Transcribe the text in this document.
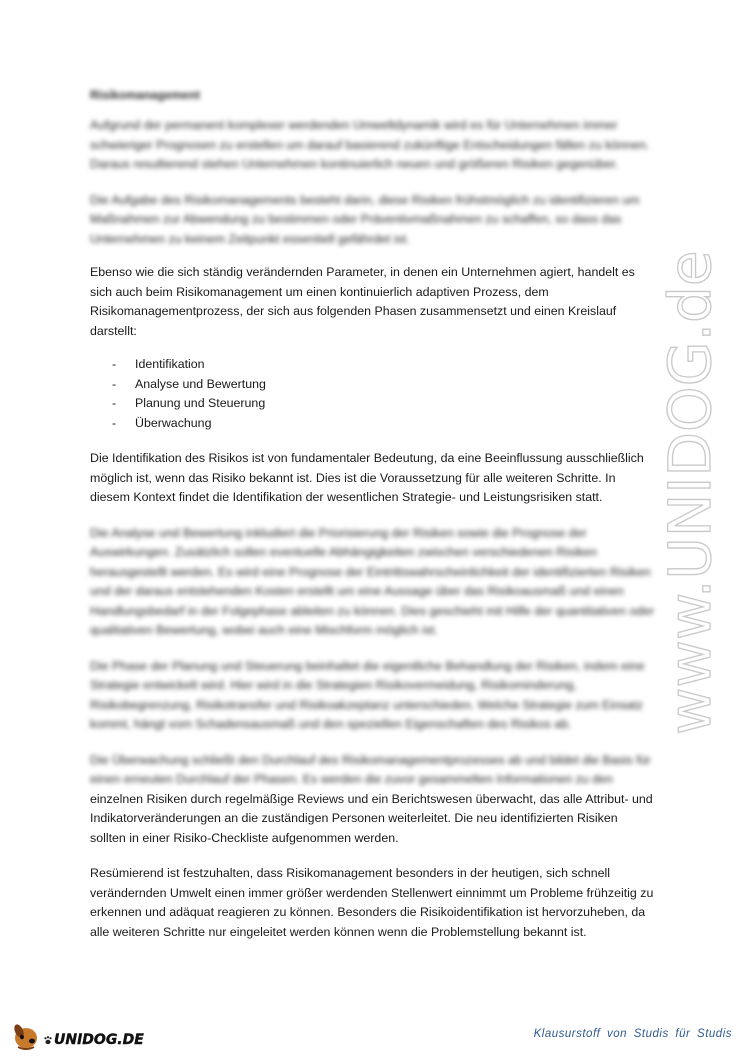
Risikomanagement

Aufgrund der permanent komplexer werdenden Umweltdynamik wird es für Unternehmen immer schwieriger Prognosen zu erstellen um darauf basierend zukünftige Entscheidungen fällen zu können. Daraus resultierend stehen Unternehmen kontinuierlich neuen und größeren Risiken gegenüber.

Die Aufgabe des Risikomanagements besteht darin, diese Risiken frühstmöglich zu identifizieren um Maßnahmen zur Abwendung zu bestimmen oder Präventivmaßnahmen zu schaffen, so dass das Unternehmen zu keinem Zeitpunkt essentiell gefährdet ist.

Ebenso wie die sich ständig verändernden Parameter, in denen ein Unternehmen agiert, handelt es sich auch beim Risikomanagement um einen kontinuierlich adaptiven Prozess, dem Risikomanagementprozess, der sich aus folgenden Phasen zusammensetzt und einen Kreislauf darstellt:

- Identifikation
- Analyse und Bewertung
- Planung und Steuerung
- Überwachung

Die Identifikation des Risikos ist von fundamentaler Bedeutung, da eine Beeinflussung ausschließlich möglich ist, wenn das Risiko bekannt ist. Dies ist die Voraussetzung für alle weiteren Schritte. In diesem Kontext findet die Identifikation der wesentlichen Strategie- und Leistungsrisiken statt.

Die Analyse und Bewertung inkludiert die Priorisierung der Risiken sowie die Prognose der Auswirkungen. Zusätzlich sollen eventuelle Abhängigkeiten zwischen verschiedenen Risiken herausgestellt werden. Es wird eine Prognose der Eintrittswahrscheinlichkeit der identifizierten Risiken und der daraus entstehenden Kosten erstellt um eine Aussage über das Risikoausmaß und einen Handlungsbedarf in der Folgephase ableiten zu können. Dies geschieht mit Hilfe der quantitativen oder qualitativen Bewertung, wobei auch eine Mischform möglich ist.

Die Phase der Planung und Steuerung beinhaltet die eigentliche Behandlung der Risiken, indem eine Strategie entwickelt wird. Hier wird in die Strategien Risikovermeidung, Risikominderung, Risikobegrenzung, Risikotransfer und Risikoakzeptanz unterschieden. Welche Strategie zum Einsatz kommt, hängt vom Schadensausmaß und den speziellen Eigenschaften des Risikos ab.

Die Überwachung schließt den Durchlauf des Risikomanagementprozesses ab und bildet die Basis für einen erneuten Durchlauf der Phasen. Es werden die zuvor gesammelten Informationen zu den
einzelnen Risiken durch regelmäßige Reviews und ein Berichtswesen überwacht, das alle Attribut- und Indikatorveränderungen an die zuständigen Personen weiterleitet. Die neu identifizierten Risiken sollten in einer Risiko-Checkliste aufgenommen werden.

Resümierend ist festzuhalten, dass Risikomanagement besonders in der heutigen, sich schnell verändernden Umwelt einen immer größer werdenden Stellenwert einnimmt um Probleme frühzeitig zu erkennen und adäquat reagieren zu können. Besonders die Risikoidentifikation ist hervorzuheben, da alle weiteren Schritte nur eingeleitet werden können wenn die Problemstellung bekannt ist.

www.UNIDOG.de
UNIDOG.DE	Klausurstoff von Studis für Studis
